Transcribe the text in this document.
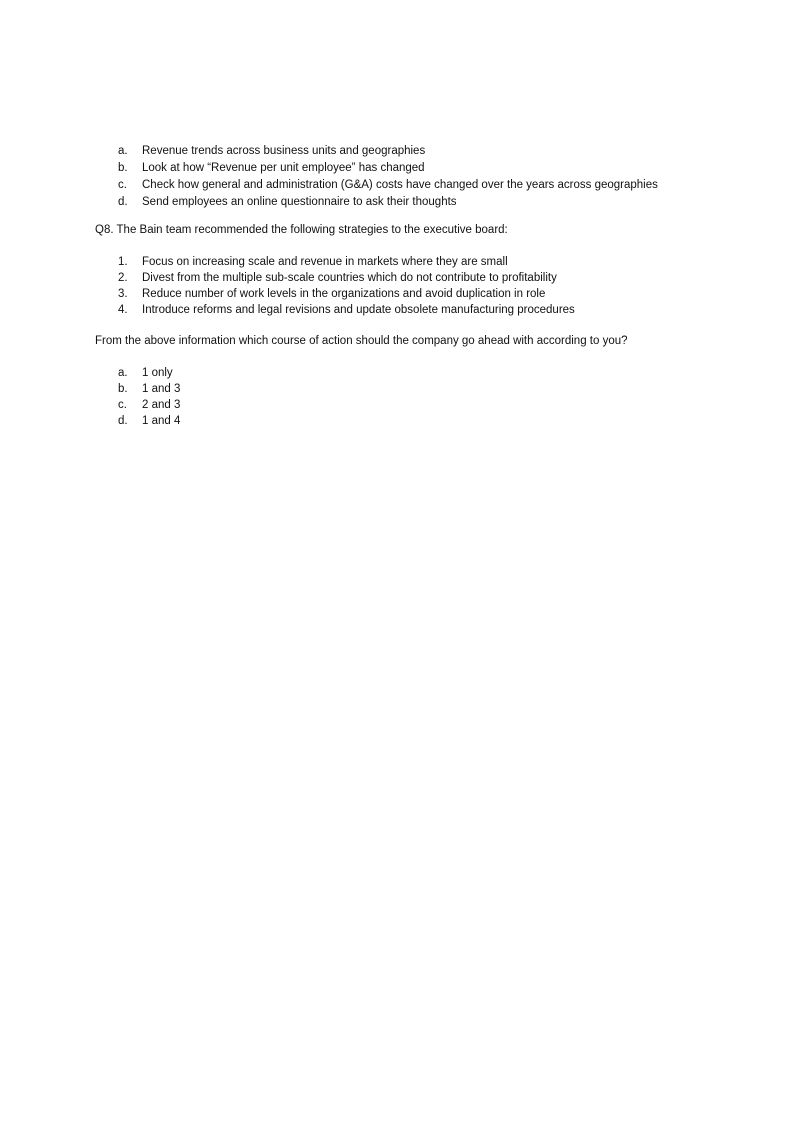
a. Revenue trends across business units and geographies
b. Look at how “Revenue per unit employee” has changed
c. Check how general and administration (G&A) costs have changed over the years across geographies
d. Send employees an online questionnaire to ask their thoughts

Q8. The Bain team recommended the following strategies to the executive board:

1. Focus on increasing scale and revenue in markets where they are small
2. Divest from the multiple sub-scale countries which do not contribute to profitability
3. Reduce number of work levels in the organizations and avoid duplication in role
4. Introduce reforms and legal revisions and update obsolete manufacturing procedures

From the above information which course of action should the company go ahead with according to you?

a. 1 only
b. 1 and 3
c. 2 and 3
d. 1 and 4
